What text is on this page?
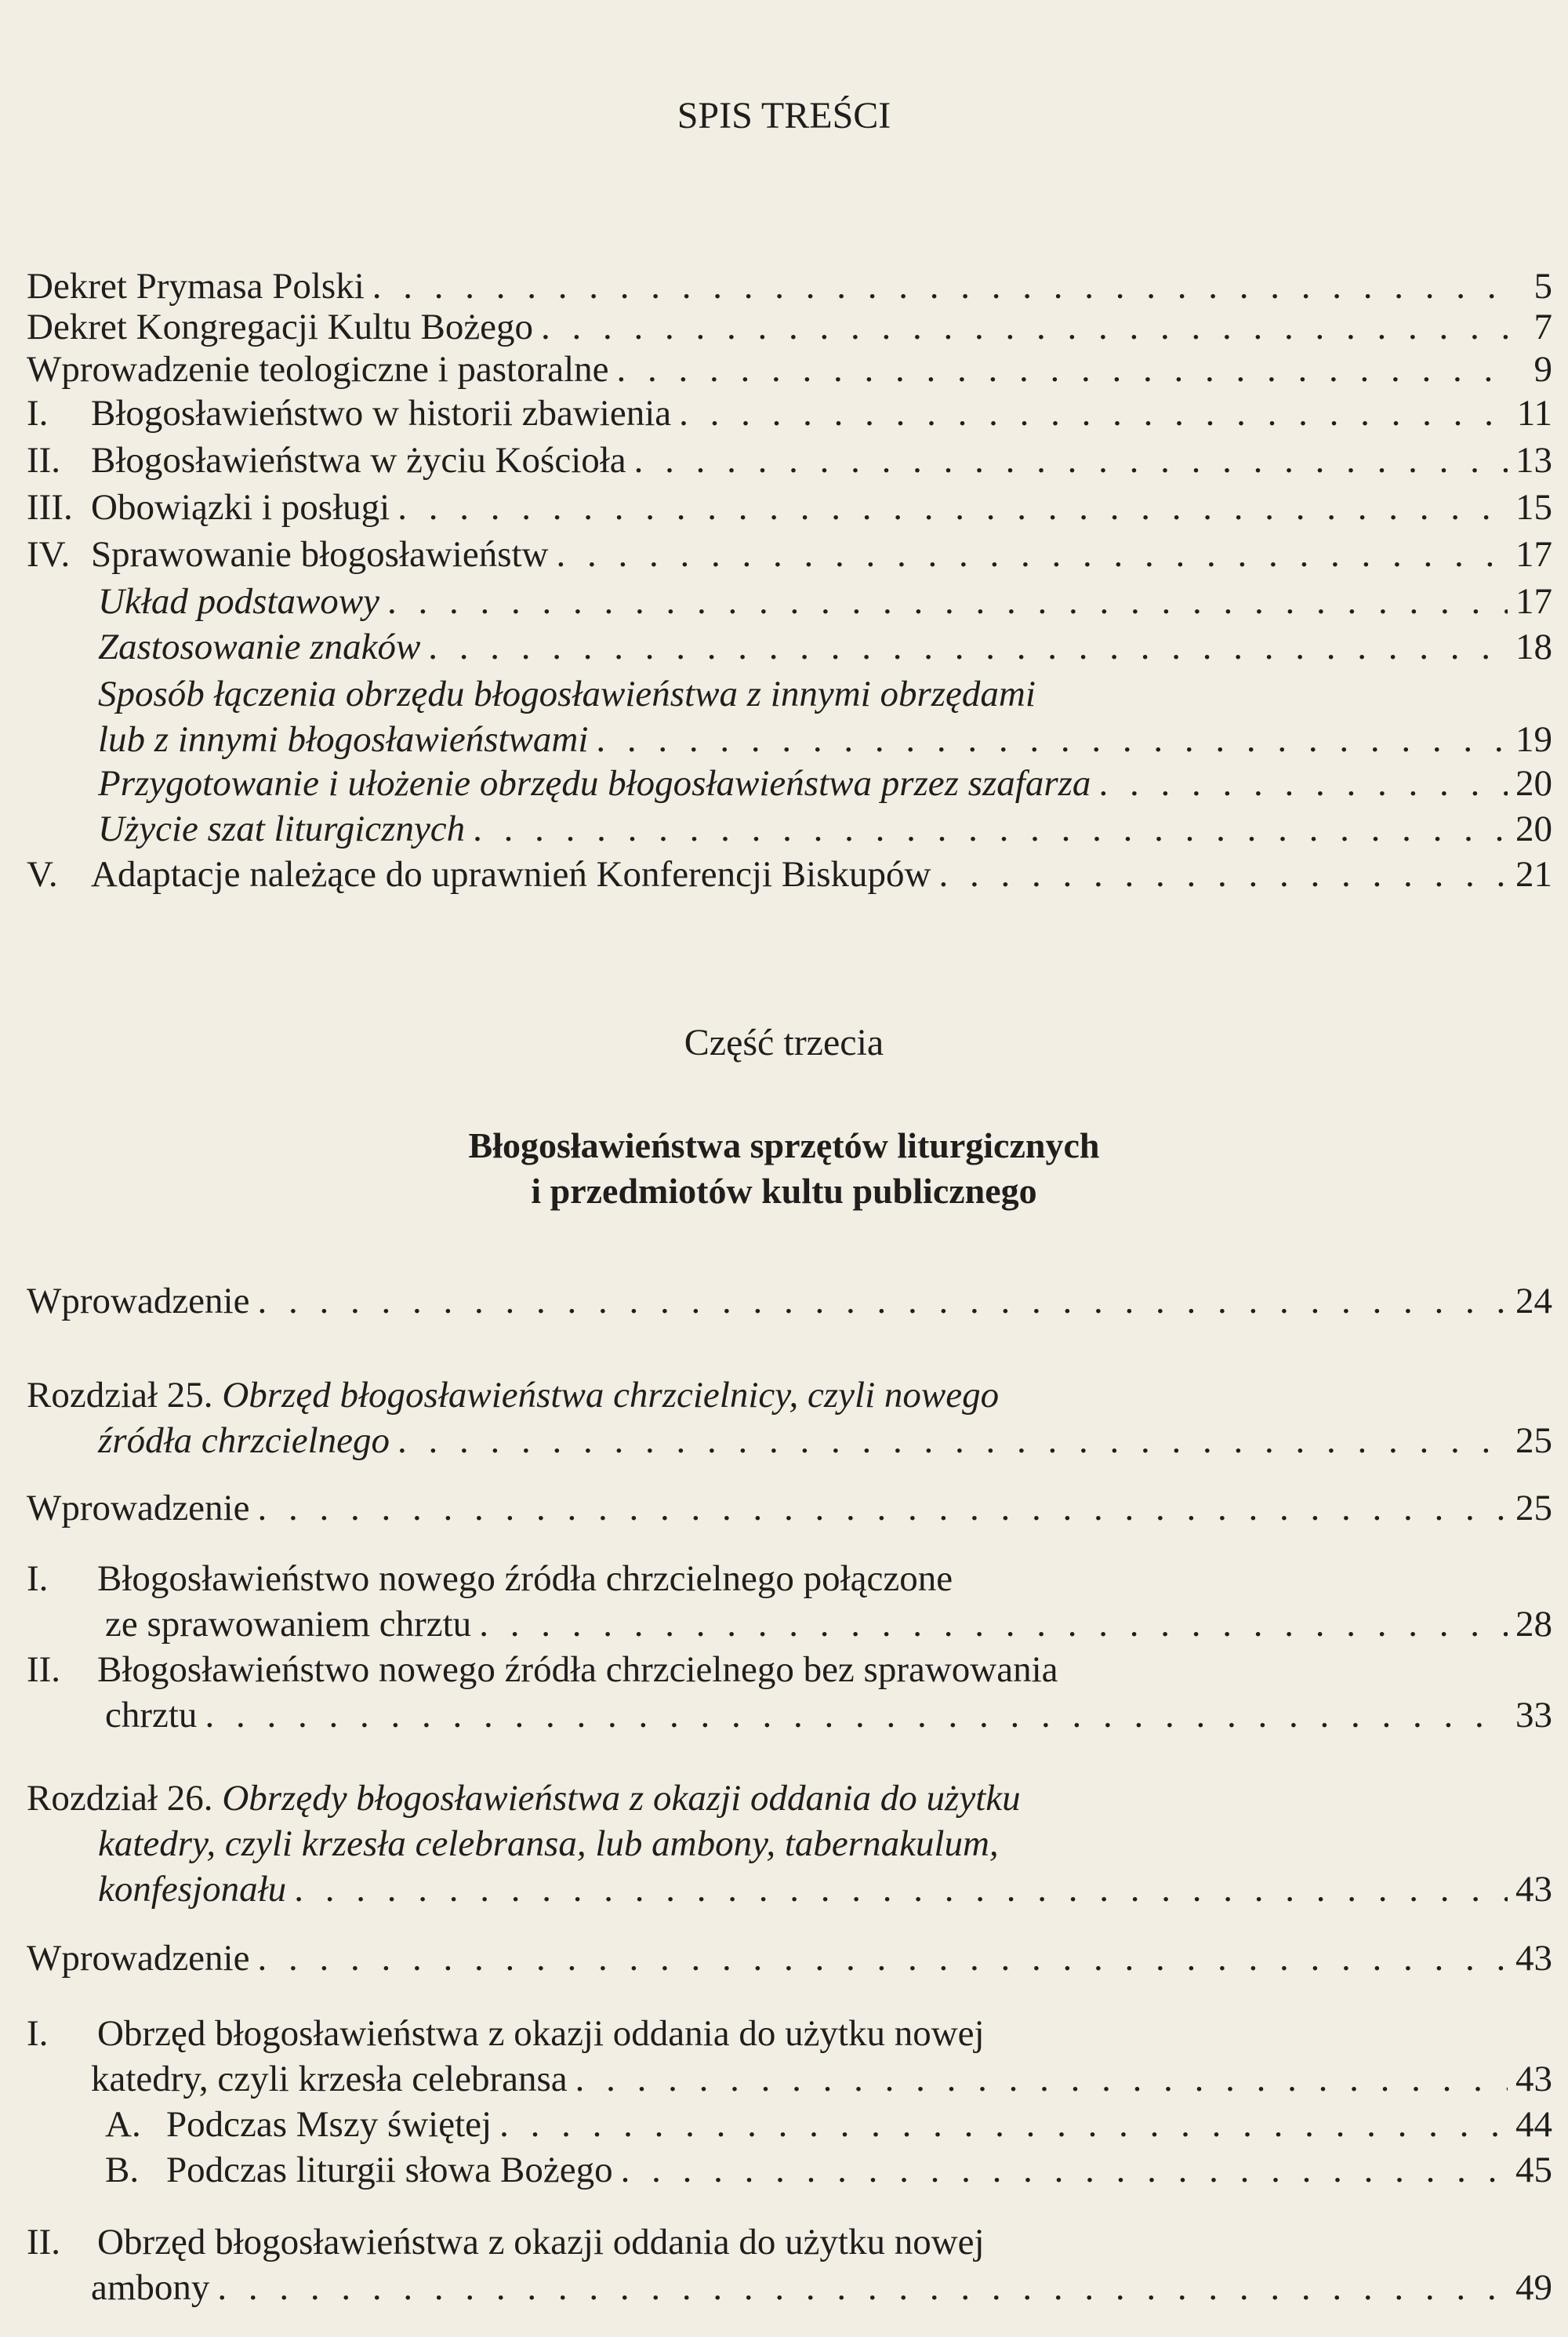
SPIS TREŚCI
Dekret Prymasa Polski . . .	5
Dekret Kongregacji Kultu Bożego . . .	7
Wprowadzenie teologiczne i pastoralne . . .	9
I. Błogosławieństwo w historii zbawienia . . .	11
II. Błogosławieństwa w życiu Kościoła . . .	13
III. Obowiązki i posługi . . .	15
IV. Sprawowanie błogosławieństw . . .	17
Układ podstawowy . . .	17
Zastosowanie znaków . . .	18
Sposób łączenia obrzędu błogosławieństwa z innymi obrzędami
lub z innymi błogosławieństwami . . .	19
Przygotowanie i ułożenie obrzędu błogosławieństwa przez szafarza . . .	20
Użycie szat liturgicznych . . .	20
V. Adaptacje należące do uprawnień Konferencji Biskupów . . .	21
Część trzecia
Błogosławieństwa sprzętów liturgicznych
i przedmiotów kultu publicznego
Wprowadzenie . . .	24
Rozdział 25. Obrzęd błogosławieństwa chrzcielnicy, czyli nowego
źródła chrzcielnego . . .	25
Wprowadzenie . . .	25
I. Błogosławieństwo nowego źródła chrzcielnego połączone
ze sprawowaniem chrztu . . .	28
II. Błogosławieństwo nowego źródła chrzcielnego bez sprawowania
chrztu . . .	33
Rozdział 26. Obrzędy błogosławieństwa z okazji oddania do użytku
katedry, czyli krzesła celebransa, lub ambony, tabernakulum,
konfesjonału . . .	43
Wprowadzenie . . .	43
I. Obrzęd błogosławieństwa z okazji oddania do użytku nowej
katedry, czyli krzesła celebransa . . .	43
A. Podczas Mszy świętej . . .	44
B. Podczas liturgii słowa Bożego . . .	45
II. Obrzęd błogosławieństwa z okazji oddania do użytku nowej
ambony . . .	49
